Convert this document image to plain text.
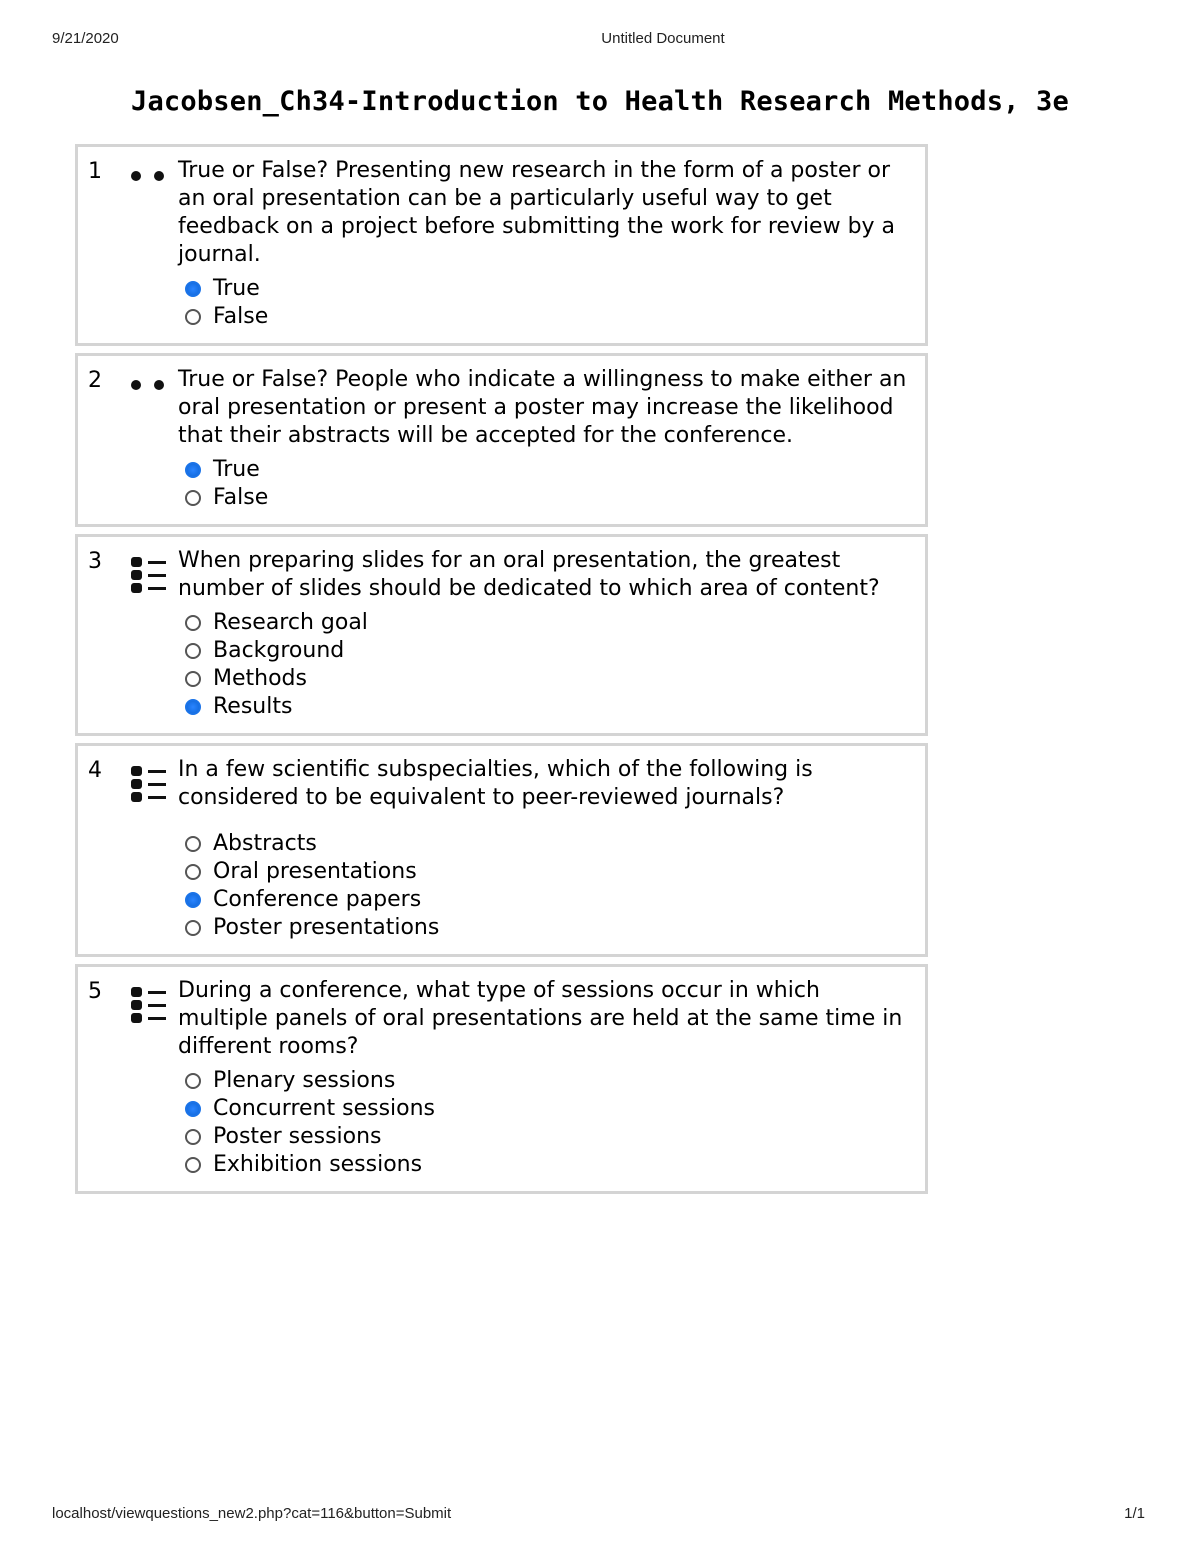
9/21/2020	Untitled Document
Jacobsen_Ch34-Introduction to Health Research Methods, 3e
1	True or False? Presenting new research in the form of a poster or an oral presentation can be a particularly useful way to get feedback on a project before submitting the work for review by a journal.
True
False
2	True or False? People who indicate a willingness to make either an oral presentation or present a poster may increase the likelihood that their abstracts will be accepted for the conference.
True
False
3	When preparing slides for an oral presentation, the greatest number of slides should be dedicated to which area of content?
Research goal
Background
Methods
Results
4	In a few scientific subspecialties, which of the following is considered to be equivalent to peer-reviewed journals?
Abstracts
Oral presentations
Conference papers
Poster presentations
5	During a conference, what type of sessions occur in which multiple panels of oral presentations are held at the same time in different rooms?
Plenary sessions
Concurrent sessions
Poster sessions
Exhibition sessions
localhost/viewquestions_new2.php?cat=116&button=Submit	1/1
